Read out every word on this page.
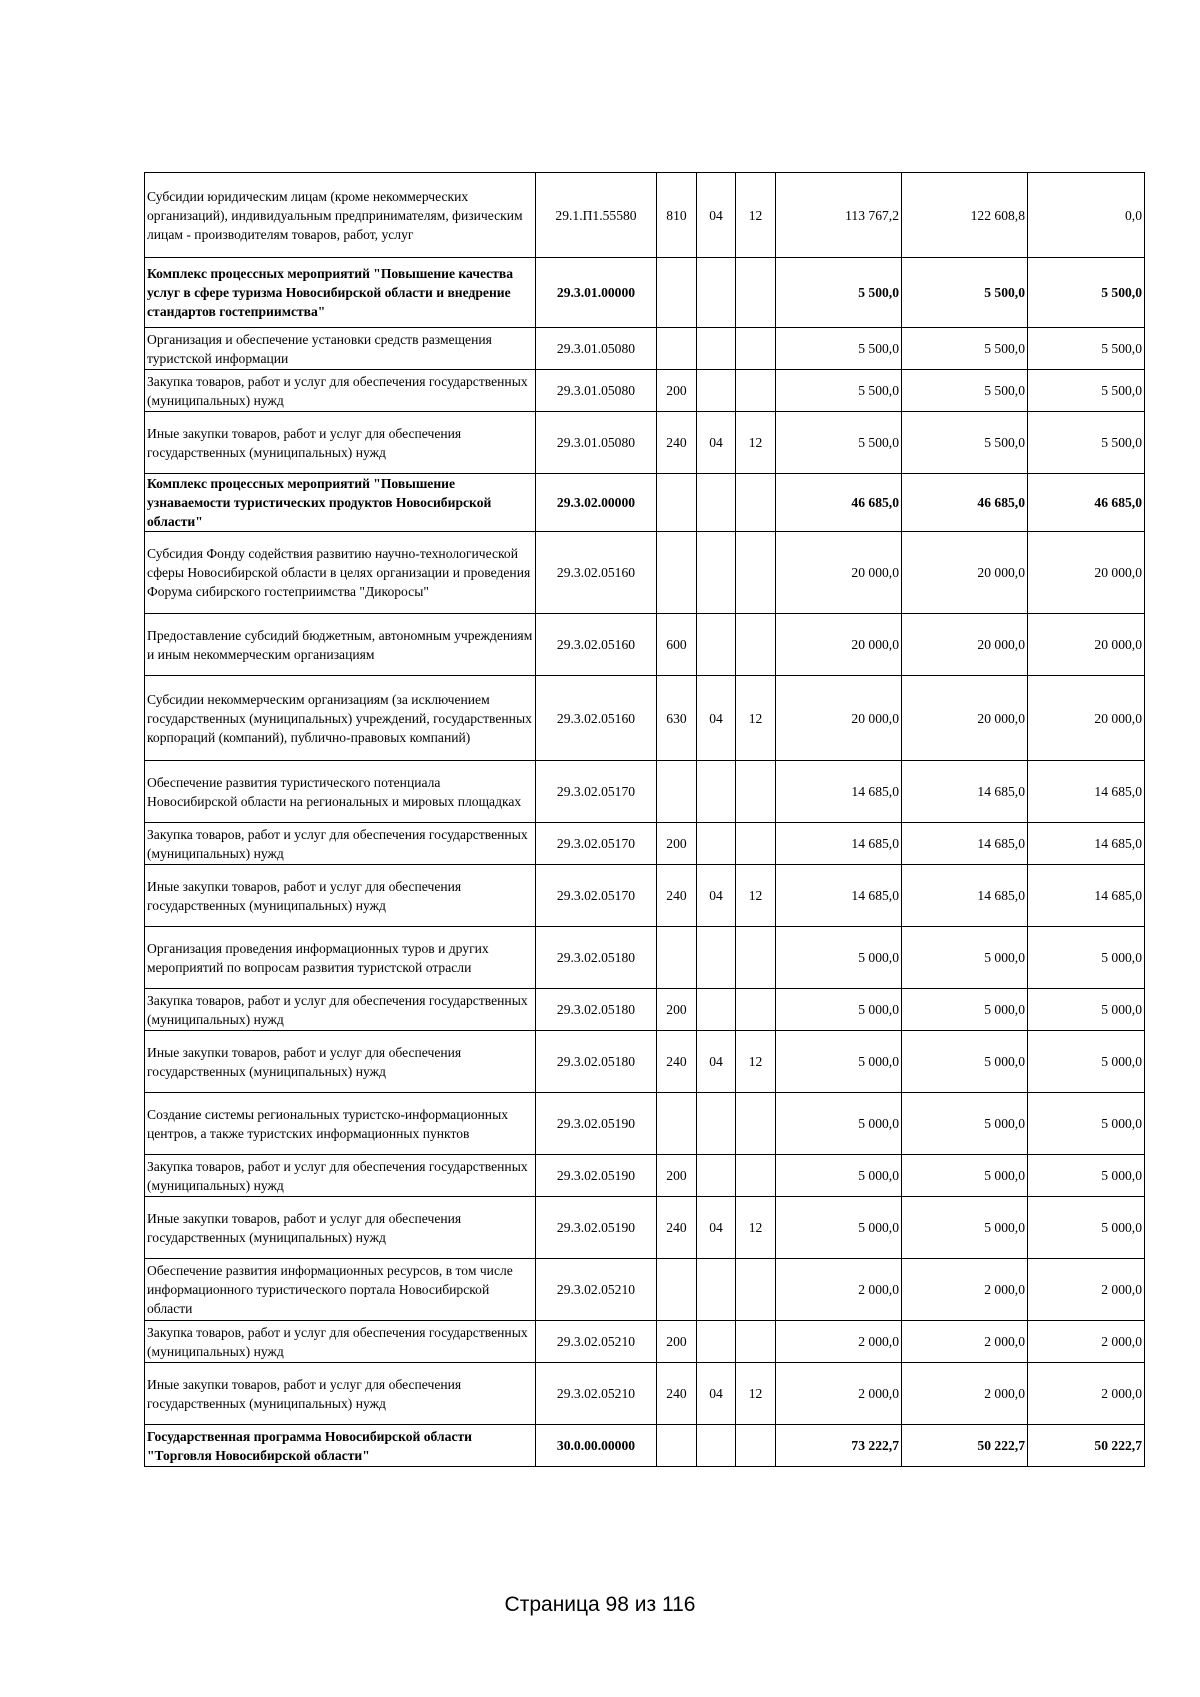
Субсидии юридическим лицам (кроме некоммерческих организаций), индивидуальным предпринимателям, физическим лицам - производителям товаров, работ, услуг	29.1.П1.55580	810	04	12	113 767,2	122 608,8	0,0
Комплекс процессных мероприятий "Повышение качества услуг в сфере туризма Новосибирской области и внедрение стандартов гостеприимства"	29.3.01.00000				5 500,0	5 500,0	5 500,0
Организация и обеспечение установки средств размещения туристской информации	29.3.01.05080				5 500,0	5 500,0	5 500,0
Закупка товаров, работ и услуг для обеспечения государственных (муниципальных) нужд	29.3.01.05080	200			5 500,0	5 500,0	5 500,0
Иные закупки товаров, работ и услуг для обеспечения государственных (муниципальных) нужд	29.3.01.05080	240	04	12	5 500,0	5 500,0	5 500,0
Комплекс процессных мероприятий "Повышение узнаваемости туристических продуктов Новосибирской области"	29.3.02.00000				46 685,0	46 685,0	46 685,0
Субсидия Фонду содействия развитию научно-технологической сферы Новосибирской области в целях организации и проведения Форума сибирского гостеприимства "Дикоросы"	29.3.02.05160				20 000,0	20 000,0	20 000,0
Предоставление субсидий бюджетным, автономным учреждениям и иным некоммерческим организациям	29.3.02.05160	600			20 000,0	20 000,0	20 000,0
Субсидии некоммерческим организациям (за исключением государственных (муниципальных) учреждений, государственных корпораций (компаний), публично-правовых компаний)	29.3.02.05160	630	04	12	20 000,0	20 000,0	20 000,0
Обеспечение развития туристического потенциала Новосибирской области на региональных и мировых площадках	29.3.02.05170				14 685,0	14 685,0	14 685,0
Закупка товаров, работ и услуг для обеспечения государственных (муниципальных) нужд	29.3.02.05170	200			14 685,0	14 685,0	14 685,0
Иные закупки товаров, работ и услуг для обеспечения государственных (муниципальных) нужд	29.3.02.05170	240	04	12	14 685,0	14 685,0	14 685,0
Организация проведения информационных туров и других мероприятий по вопросам развития туристской отрасли	29.3.02.05180				5 000,0	5 000,0	5 000,0
Закупка товаров, работ и услуг для обеспечения государственных (муниципальных) нужд	29.3.02.05180	200			5 000,0	5 000,0	5 000,0
Иные закупки товаров, работ и услуг для обеспечения государственных (муниципальных) нужд	29.3.02.05180	240	04	12	5 000,0	5 000,0	5 000,0
Создание системы региональных туристско-информационных центров, а также туристских информационных пунктов	29.3.02.05190				5 000,0	5 000,0	5 000,0
Закупка товаров, работ и услуг для обеспечения государственных (муниципальных) нужд	29.3.02.05190	200			5 000,0	5 000,0	5 000,0
Иные закупки товаров, работ и услуг для обеспечения государственных (муниципальных) нужд	29.3.02.05190	240	04	12	5 000,0	5 000,0	5 000,0
Обеспечение развития информационных ресурсов, в том числе информационного туристического портала Новосибирской области	29.3.02.05210				2 000,0	2 000,0	2 000,0
Закупка товаров, работ и услуг для обеспечения государственных (муниципальных) нужд	29.3.02.05210	200			2 000,0	2 000,0	2 000,0
Иные закупки товаров, работ и услуг для обеспечения государственных (муниципальных) нужд	29.3.02.05210	240	04	12	2 000,0	2 000,0	2 000,0
Государственная программа Новосибирской области "Торговля Новосибирской области"	30.0.00.00000				73 222,7	50 222,7	50 222,7
Страница 98 из 116
